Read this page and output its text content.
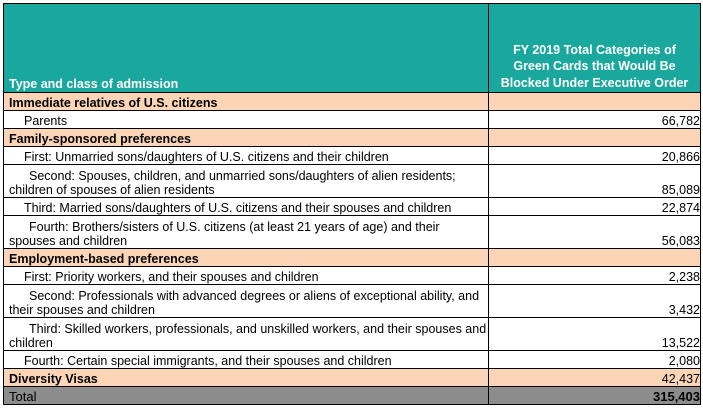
Type and class of admission	FY 2019 Total Categories of Green Cards that Would Be Blocked Under Executive Order
Immediate relatives of U.S. citizens	
Parents	66,782
Family-sponsored preferences	
First: Unmarried sons/daughters of U.S. citizens and their children	20,866
Second: Spouses, children, and unmarried sons/daughters of alien residents; children of spouses of alien residents	85,089
Third: Married sons/daughters of U.S. citizens and their spouses and children	22,874
Fourth: Brothers/sisters of U.S. citizens (at least 21 years of age) and their spouses and children	56,083
Employment-based preferences	
First: Priority workers, and their spouses and children	2,238
Second: Professionals with advanced degrees or aliens of exceptional ability, and their spouses and children	3,432
Third: Skilled workers, professionals, and unskilled workers, and their spouses and children	13,522
Fourth: Certain special immigrants, and their spouses and children	2,080
Diversity Visas	42,437
Total	315,403
